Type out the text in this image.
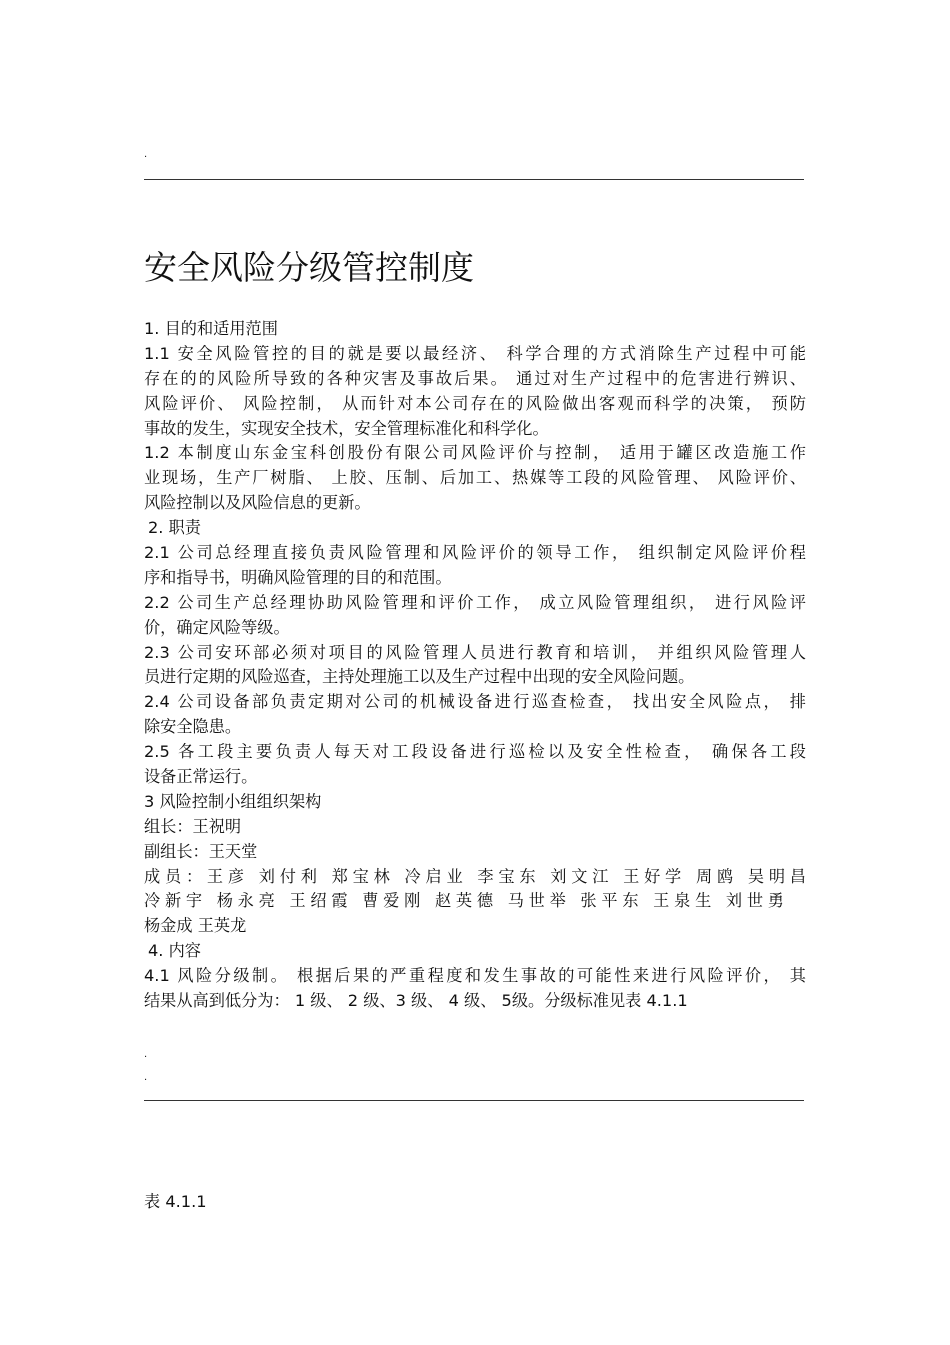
.
安全风险分级管控制度
1. 目的和适用范围
1.1 安全风险管控的目的就是要以最经济、 科学合理的方式消除生产过程中可能
存在的的风险所导致的各种灾害及事故后果。 通过对生产过程中的危害进行辨识、
风险评价、 风险控制， 从而针对本公司存在的风险做出客观而科学的决策， 预防
事故的发生，实现安全技术，安全管理标准化和科学化。
1.2 本制度山东金宝科创股份有限公司风险评价与控制， 适用于罐区改造施工作
业现场，生产厂树脂、 上胶、压制、后加工、热媒等工段的风险管理、 风险评价、
风险控制以及风险信息的更新。
2. 职责
2.1 公司总经理直接负责风险管理和风险评价的领导工作， 组织制定风险评价程
序和指导书，明确风险管理的目的和范围。
2.2 公司生产总经理协助风险管理和评价工作， 成立风险管理组织， 进行风险评
价，确定风险等级。
2.3 公司安环部必须对项目的风险管理人员进行教育和培训， 并组织风险管理人
员进行定期的风险巡查，主持处理施工以及生产过程中出现的安全风险问题。
2.4 公司设备部负责定期对公司的机械设备进行巡查检查， 找出安全风险点， 排
除安全隐患。
2.5 各工段主要负责人每天对工段设备进行巡检以及安全性检查， 确保各工段
设备正常运行。
3 风险控制小组组织架构
组长：王祝明
副组长：王天堂
成员：王彦 刘付利 郑宝林 冷启业 李宝东 刘文江 王好学 周鸥 吴明昌
冷新宇 杨永亮 王绍霞 曹爱刚 赵英德 马世举 张平东 王泉生 刘世勇
杨金成 王英龙
4. 内容
4.1 风险分级制。 根据后果的严重程度和发生事故的可能性来进行风险评价， 其
结果从高到低分为： 1 级、 2 级、3 级、 4 级、 5级。分级标准见表 4.1.1
.
.
表 4.1.1
